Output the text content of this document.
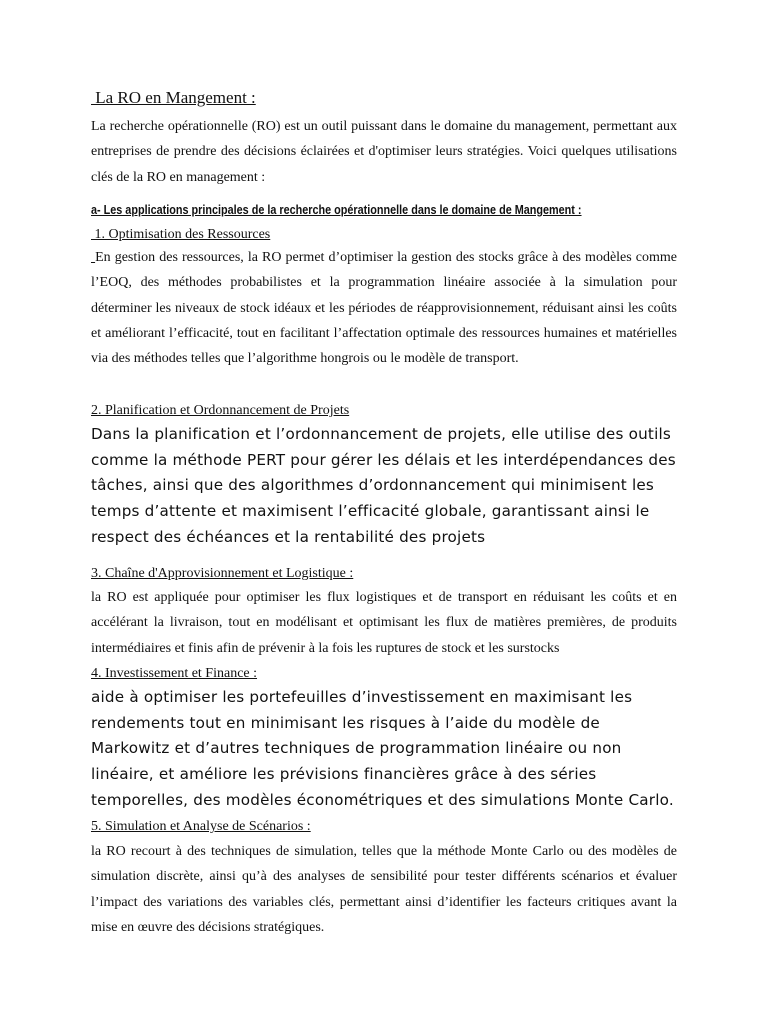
La RO en Mangement :

La recherche opérationnelle (RO) est un outil puissant dans le domaine du management, permettant aux entreprises de prendre des décisions éclairées et d'optimiser leurs stratégies. Voici quelques utilisations clés de la RO en management :

a- Les applications principales de la recherche opérationnelle dans le domaine de Mangement :
1. Optimisation des Ressources

En gestion des ressources, la RO permet d’optimiser la gestion des stocks grâce à des modèles comme l’EOQ, des méthodes probabilistes et la programmation linéaire associée à la simulation pour déterminer les niveaux de stock idéaux et les périodes de réapprovisionnement, réduisant ainsi les coûts et améliorant l’efficacité, tout en facilitant l’affectation optimale des ressources humaines et matérielles via des méthodes telles que l’algorithme hongrois ou le modèle de transport.

2. Planification et Ordonnancement de Projets

Dans la planification et l’ordonnancement de projets, elle utilise des outils comme la méthode PERT pour gérer les délais et les interdépendances des tâches, ainsi que des algorithmes d’ordonnancement qui minimisent les temps d’attente et maximisent l’efficacité globale, garantissant ainsi le respect des échéances et la rentabilité des projets

3. Chaîne d'Approvisionnement et Logistique :

la RO est appliquée pour optimiser les flux logistiques et de transport en réduisant les coûts et en accélérant la livraison, tout en modélisant et optimisant les flux de matières premières, de produits intermédiaires et finis afin de prévenir à la fois les ruptures de stock et les surstocks

4. Investissement et Finance :

aide à optimiser les portefeuilles d’investissement en maximisant les rendements tout en minimisant les risques à l’aide du modèle de Markowitz et d’autres techniques de programmation linéaire ou non linéaire, et améliore les prévisions financières grâce à des séries temporelles, des modèles économétriques et des simulations Monte Carlo.

5. Simulation et Analyse de Scénarios :

la RO recourt à des techniques de simulation, telles que la méthode Monte Carlo ou des modèles de simulation discrète, ainsi qu’à des analyses de sensibilité pour tester différents scénarios et évaluer l’impact des variations des variables clés, permettant ainsi d’identifier les facteurs critiques avant la mise en œuvre des décisions stratégiques.
